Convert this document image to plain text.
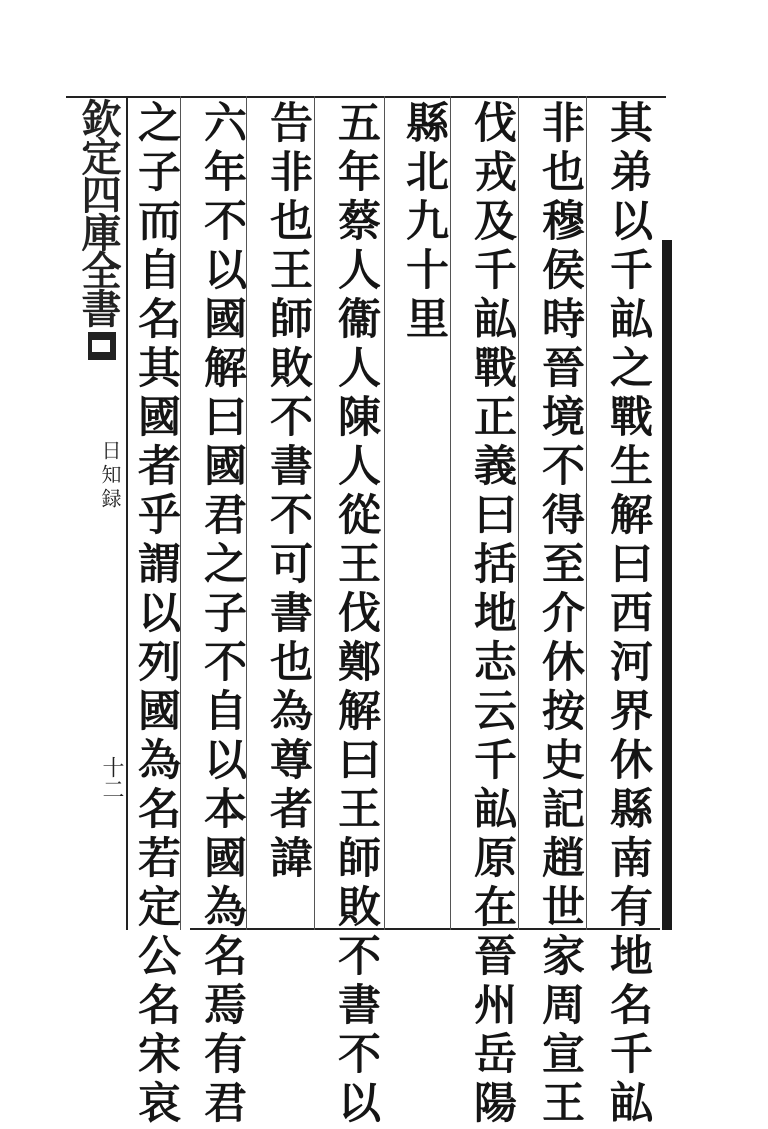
欽定四庫全書
日知録
十二	其弟以千畆之戰生解曰西河界休縣南有地名千畆
非也穆侯時晉境不得至介休按史記趙世家周宣王
伐戎及千畆戰正義曰括地志云千畆原在晉州岳陽
縣北九十里
五年蔡人衞人陳人從王伐鄭解曰王師敗不書不以
告非也王師敗不書不可書也為尊者諱
六年不以國解曰國君之子不自以本國為名焉有君
之子而自名其國者乎謂以列國為名若定公名宋哀
